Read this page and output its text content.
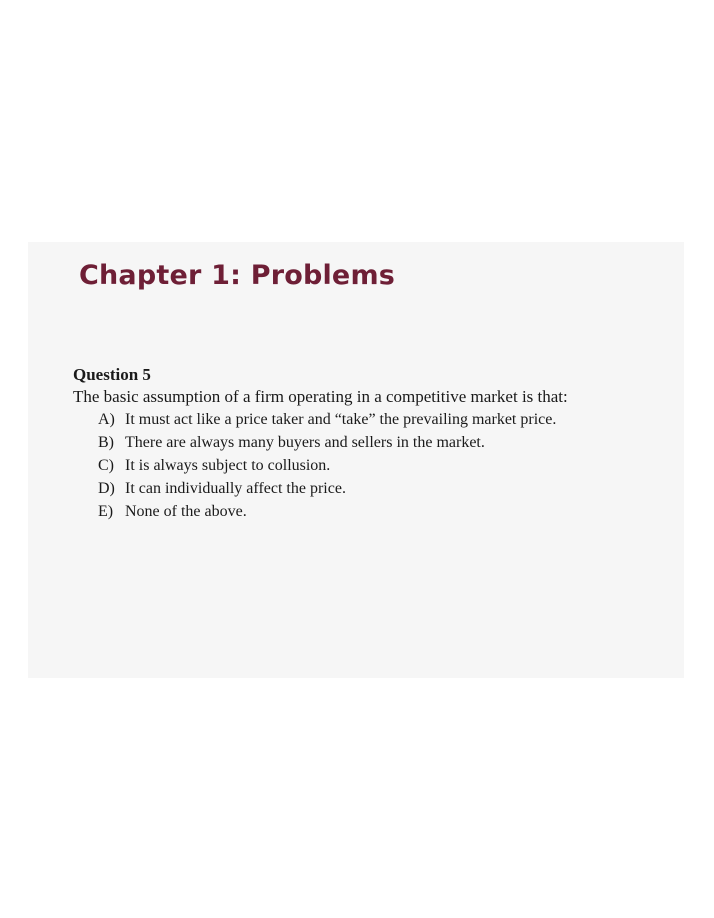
Chapter 1: Problems

Question 5

The basic assumption of a firm operating in a competitive market is that:

A) It must act like a price taker and “take” the prevailing market price.
B) There are always many buyers and sellers in the market.
C) It is always subject to collusion.
D) It can individually affect the price.
E) None of the above.
